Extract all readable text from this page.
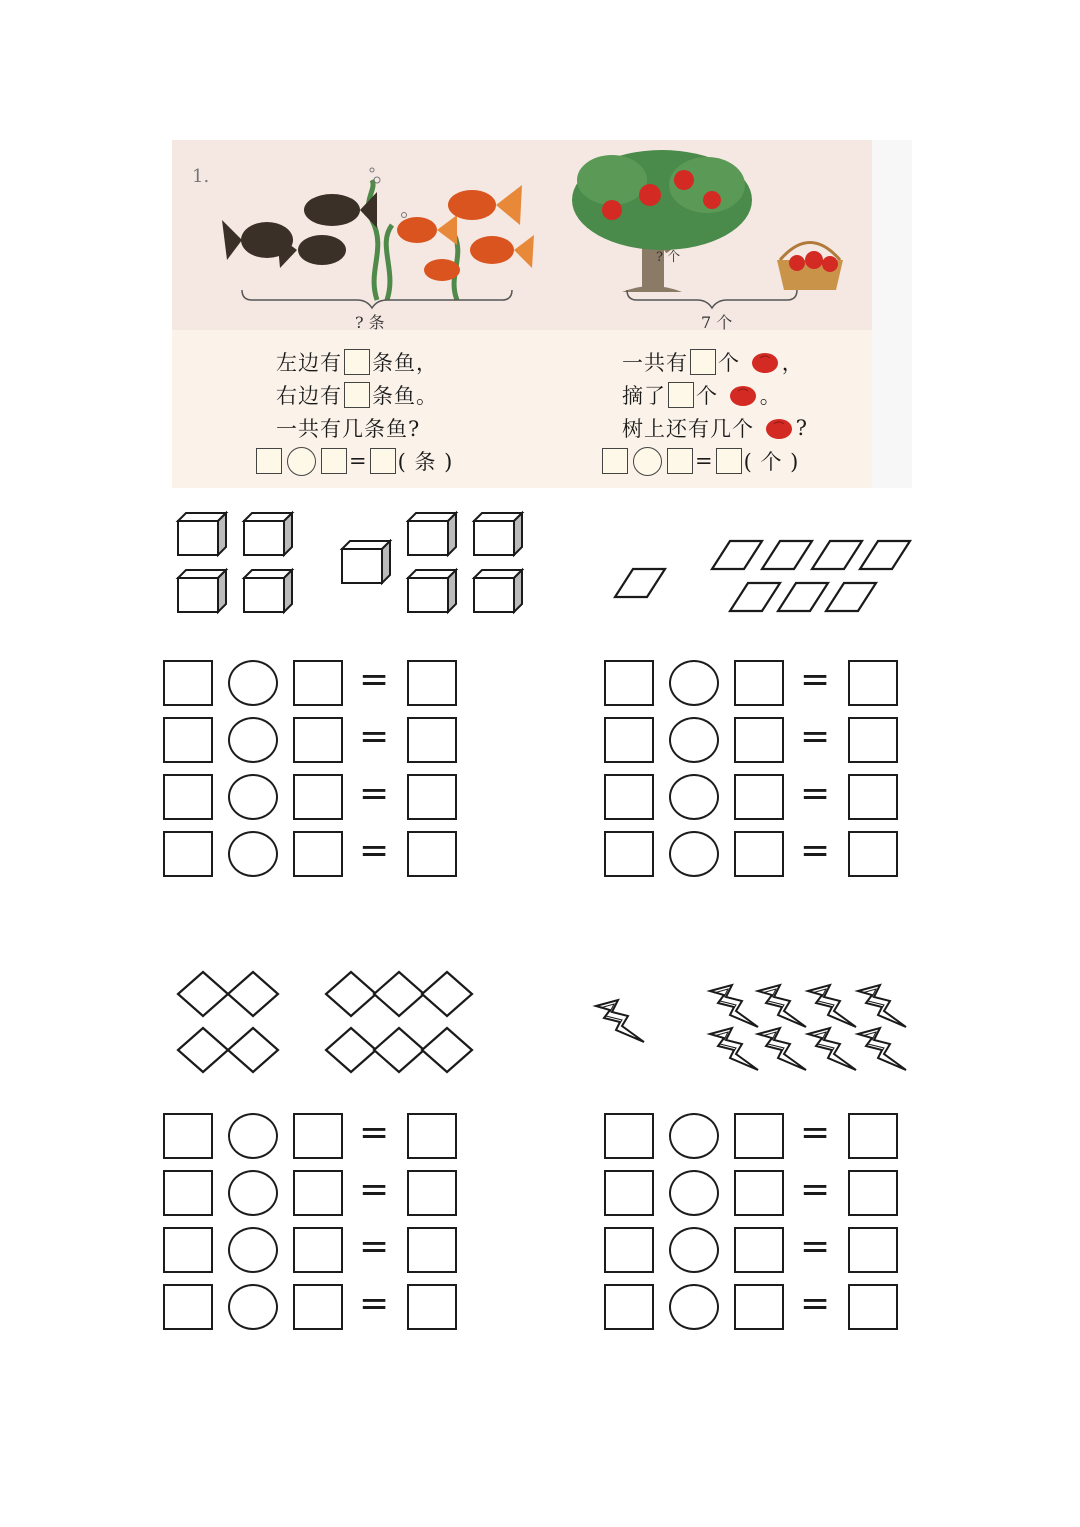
1.
? 个
? 条	7 个
左边有 条鱼，
右边有 条鱼。
一共有几条鱼?
= ( 条 )
一共有 个 ，
摘了 个 。
树上还有几个 ?
= ( 个 )
=
=
=
=
=
=
=
=
=
=
=
=
=
=
=
=
